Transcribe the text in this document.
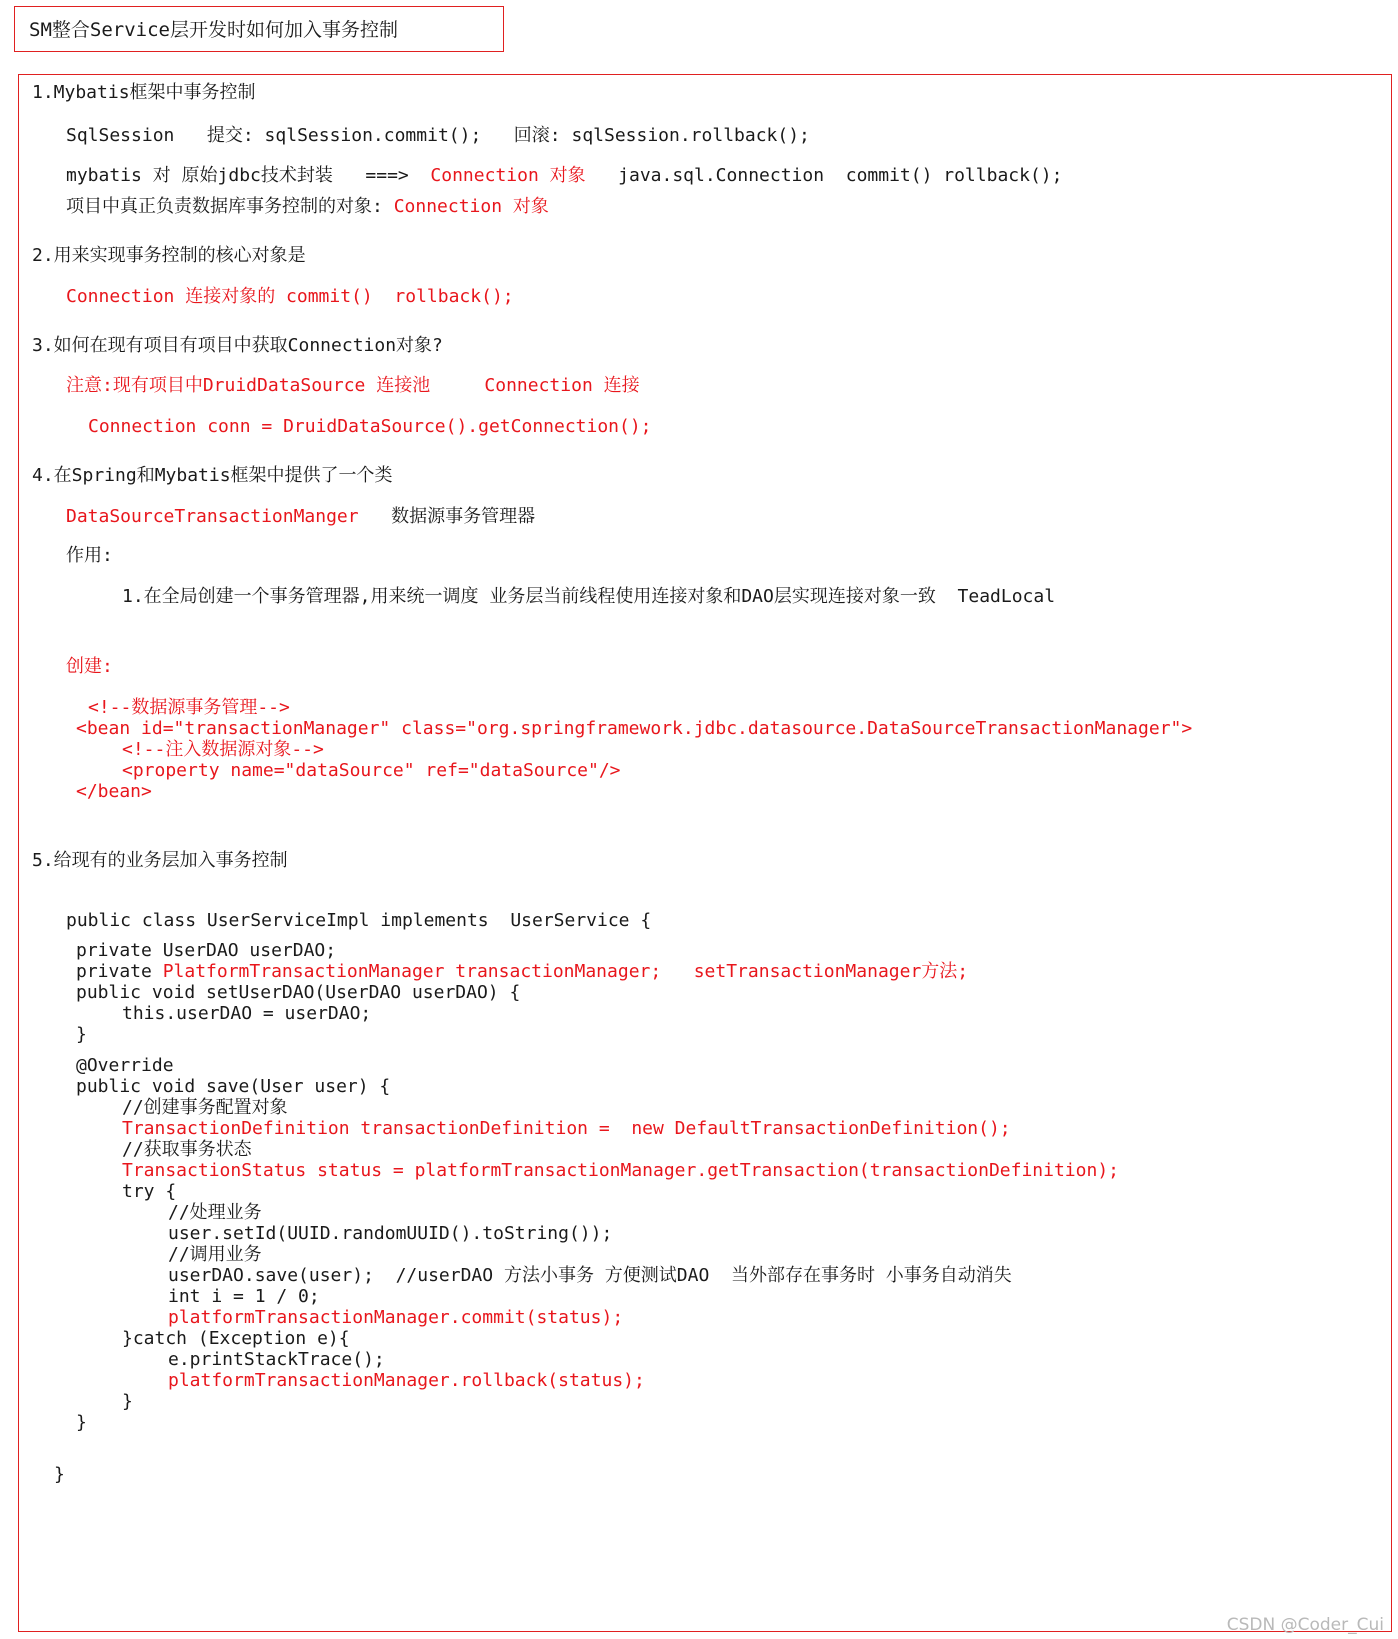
SM整合Service层开发时如何加入事务控制
1.Mybatis框架中事务控制
SqlSession   提交: sqlSession.commit();   回滚: sqlSession.rollback();
mybatis 对 原始jdbc技术封装   ===>  Connection 对象   java.sql.Connection  commit() rollback();
项目中真正负责数据库事务控制的对象: Connection 对象
2.用来实现事务控制的核心对象是
Connection 连接对象的 commit()  rollback();
3.如何在现有项目有项目中获取Connection对象?
注意:现有项目中DruidDataSource 连接池     Connection 连接
Connection conn = DruidDataSource().getConnection();
4.在Spring和Mybatis框架中提供了一个类
DataSourceTransactionManger   数据源事务管理器
作用:
1.在全局创建一个事务管理器,用来统一调度 业务层当前线程使用连接对象和DAO层实现连接对象一致  TeadLocal
创建:
<!--数据源事务管理-->
<bean id="transactionManager" class="org.springframework.jdbc.datasource.DataSourceTransactionManager">
<!--注入数据源对象-->
<property name="dataSource" ref="dataSource"/>
</bean>
5.给现有的业务层加入事务控制
public class UserServiceImpl implements  UserService {
private UserDAO userDAO;
private PlatformTransactionManager transactionManager;   setTransactionManager方法;
public void setUserDAO(UserDAO userDAO) {
this.userDAO = userDAO;
}
@Override
public void save(User user) {
//创建事务配置对象
TransactionDefinition transactionDefinition =  new DefaultTransactionDefinition();
//获取事务状态
TransactionStatus status = platformTransactionManager.getTransaction(transactionDefinition);
try {
//处理业务
user.setId(UUID.randomUUID().toString());
//调用业务
userDAO.save(user);  //userDAO 方法小事务 方便测试DAO  当外部存在事务时 小事务自动消失
int i = 1 / 0;
platformTransactionManager.commit(status);
}catch (Exception e){
e.printStackTrace();
platformTransactionManager.rollback(status);
}
}
}
CSDN @Coder_Cui
